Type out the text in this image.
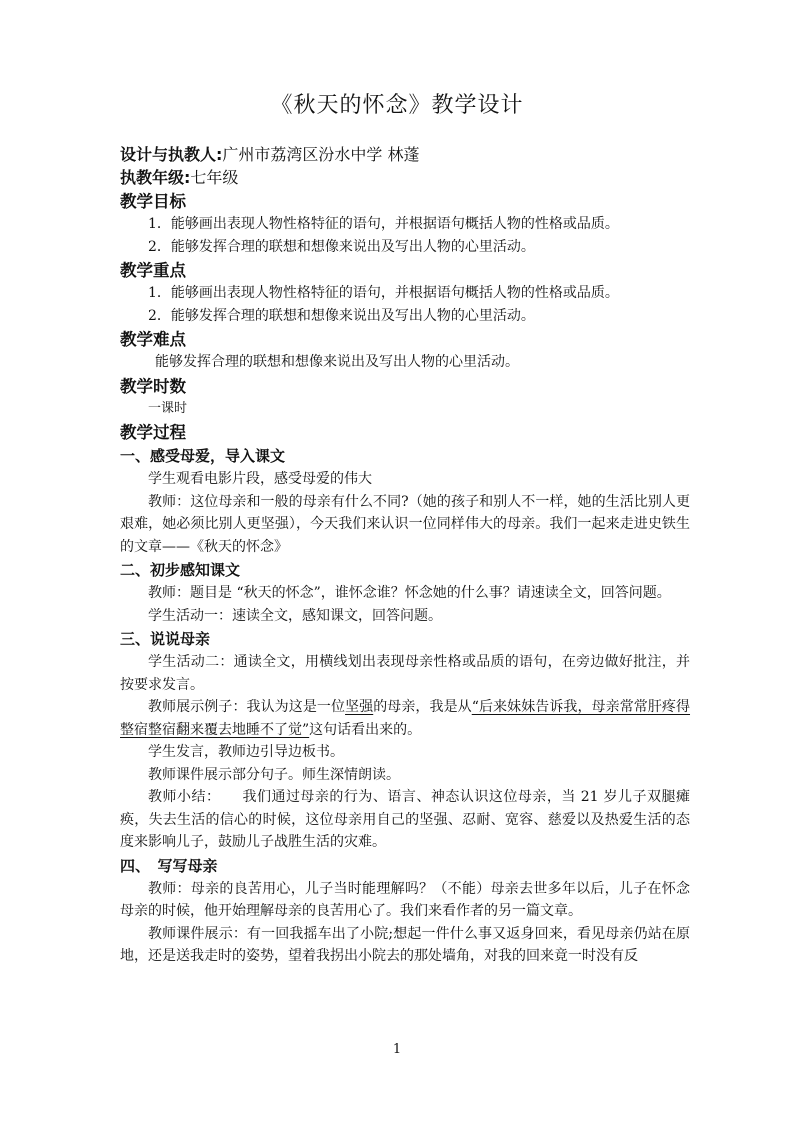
《秋天的怀念》教学设计
设计与执教人:广州市荔湾区汾水中学 林蓬
执教年级:七年级
教学目标

1．能够画出表现人物性格特征的语句，并根据语句概括人物的性格或品质。

2．能够发挥合理的联想和想像来说出及写出人物的心里活动。

教学重点

1．能够画出表现人物性格特征的语句，并根据语句概括人物的性格或品质。

2．能够发挥合理的联想和想像来说出及写出人物的心里活动。

教学难点

能够发挥合理的联想和想像来说出及写出人物的心里活动。

教学时数

一课时

教学过程
一、感受母爱，导入课文

学生观看电影片段，感受母爱的伟大

教师：这位母亲和一般的母亲有什么不同?（她的孩子和别人不一样，她的生活比别人更艰难，她必须比别人更坚强），今天我们来认识一位同样伟大的母亲。我们一起来走进史铁生的文章——《秋天的怀念》

二、初步感知课文

教师：题目是 “秋天的怀念”，谁怀念谁？怀念她的什么事？请速读全文，回答问题。

学生活动一：速读全文，感知课文，回答问题。

三、说说母亲

学生活动二：通读全文，用横线划出表现母亲性格或品质的语句，在旁边做好批注，并按要求发言。

教师展示例子：我认为这是一位坚强的母亲，我是从“后来妹妹告诉我，母亲常常肝疼得整宿整宿翻来覆去地睡不了觉”这句话看出来的。

学生发言，教师边引导边板书。

教师课件展示部分句子。师生深情朗读。

教师小结：　　我们通过母亲的行为、语言、神态认识这位母亲，当 21 岁儿子双腿瘫痪，失去生活的信心的时候，这位母亲用自己的坚强、忍耐、宽容、慈爱以及热爱生活的态度来影响儿子，鼓励儿子战胜生活的灾难。

四、　写写母亲

教师：母亲的良苦用心，儿子当时能理解吗？（不能）母亲去世多年以后，儿子在怀念母亲的时候，他开始理解母亲的良苦用心了。我们来看作者的另一篇文章。

教师课件展示：有一回我摇车出了小院;想起一件什么事又返身回来，看见母亲仍站在原地，还是送我走时的姿势，望着我拐出小院去的那处墙角，对我的回来竟一时没有反

1
